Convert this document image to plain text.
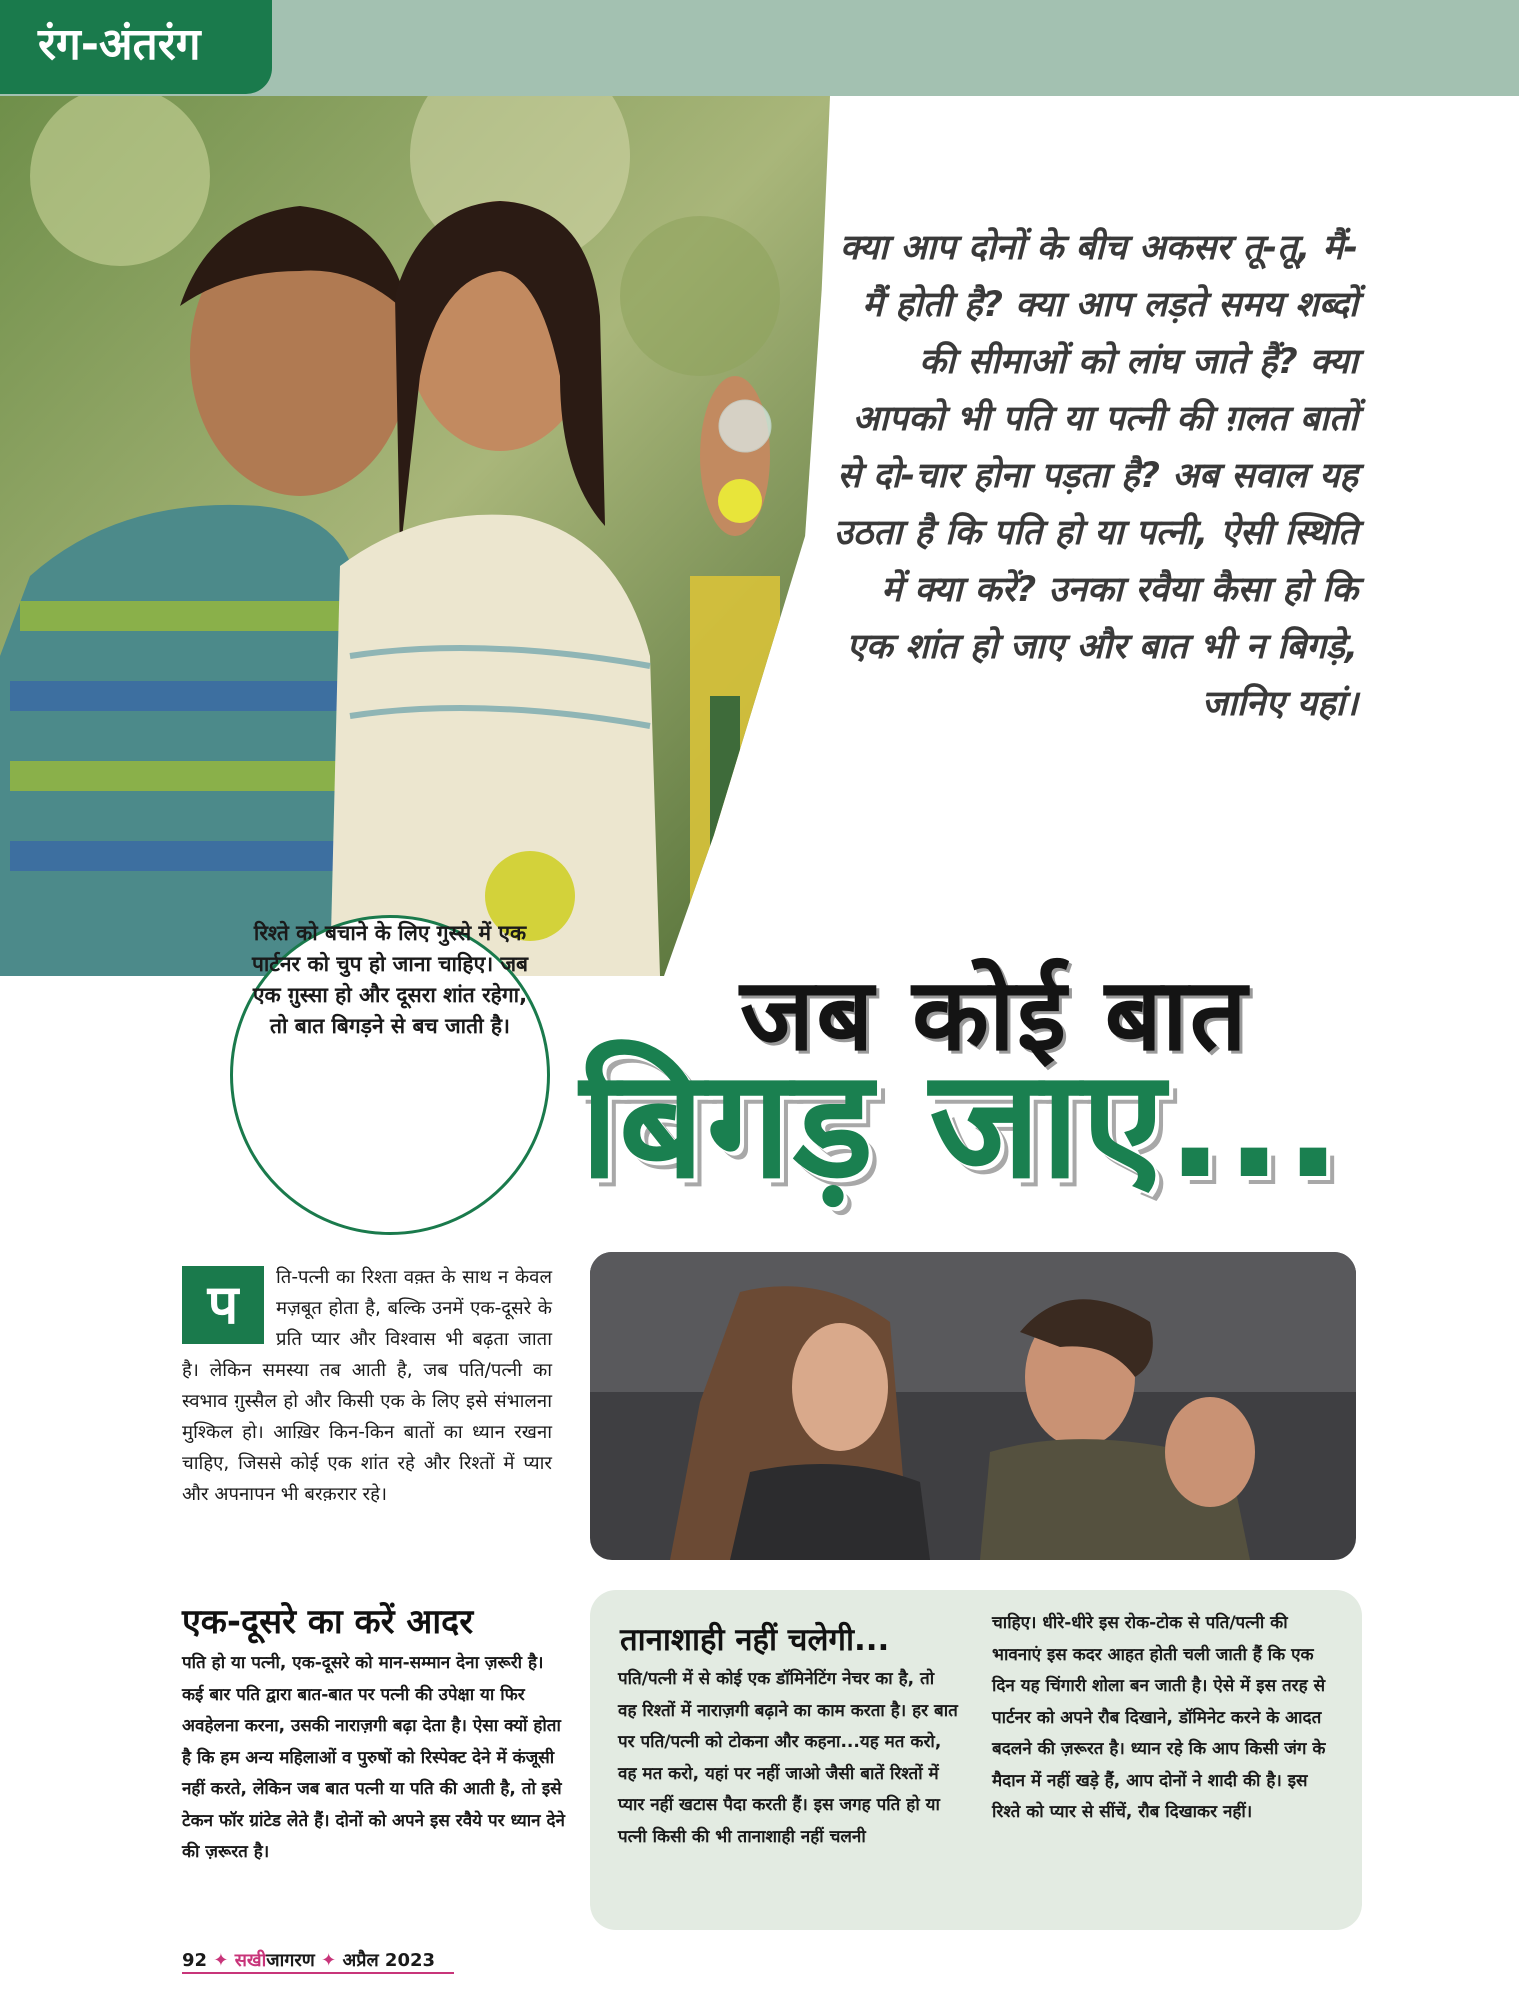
रंग-अंतरंग
क्या आप दोनों के बीच अकसर तू-तू, मैं-मैं होती है? क्या आप लड़ते समय शब्दों की सीमाओं को लांघ जाते हैं? क्या आपको भी पति या पत्नी की ग़लत बातों से दो-चार होना पड़ता है? अब सवाल यह उठता है कि पति हो या पत्नी, ऐसी स्थिति में क्या करें? उनका रवैया कैसा हो कि एक शांत हो जाए और बात भी न बिगड़े, जानिए यहां।
रिश्ते को बचाने के लिए गुस्से में एक पार्टनर को चुप हो जाना चाहिए। जब एक ग़ुस्सा हो और दूसरा शांत रहेगा, तो बात बिगड़ने से बच जाती है। जब कोई बात
बिगड़ जाए...
प	ति-पत्नी का रिश्ता वक़्त के साथ न केवल मज़बूत होता है, बल्कि उनमें एक-दूसरे के प्रति प्यार और विश्वास भी बढ़ता जाता है। लेकिन समस्या तब आती है, जब पति/पत्नी का स्वभाव ग़ुस्सैल हो और किसी एक के लिए इसे संभालना मुश्किल हो। आख़िर किन-किन बातों का ध्यान रखना चाहिए, जिससे कोई एक शांत रहे और रिश्तों में प्यार और अपनापन भी बरक़रार रहे।
एक-दूसरे का करें आदर
पति हो या पत्नी, एक-दूसरे को मान-सम्मान देना ज़रूरी है। कई बार पति द्वारा बात-बात पर पत्नी की उपेक्षा या फिर अवहेलना करना, उसकी नाराज़गी बढ़ा देता है। ऐसा क्यों होता है कि हम अन्य महिलाओं व पुरुषों को रिस्पेक्ट देने में कंजूसी नहीं करते, लेकिन जब बात पत्नी या पति की आती है, तो इसे टेकन फॉर ग्रांटेड लेते हैं। दोनों को अपने इस रवैये पर ध्यान देने की ज़रूरत है।
तानाशाही नहीं चलेगी...
पति/पत्नी में से कोई एक डॉमिनेटिंग नेचर का है, तो वह रिश्तों में नाराज़गी बढ़ाने का काम करता है। हर बात पर पति/पत्नी को टोकना और कहना...यह मत करो, वह मत करो, यहां पर नहीं जाओ जैसी बातें रिश्तों में प्यार नहीं खटास पैदा करती हैं। इस जगह पति हो या पत्नी किसी की भी तानाशाही नहीं चलनी
चाहिए। धीरे-धीरे इस रोक-टोक से पति/पत्नी की भावनाएं इस कदर आहत होती चली जाती हैं कि एक दिन यह चिंगारी शोला बन जाती है। ऐसे में इस तरह से पार्टनर को अपने रौब दिखाने, डॉमिनेट करने के आदत बदलने की ज़रूरत है। ध्यान रहे कि आप किसी जंग के मैदान में नहीं खड़े हैं, आप दोनों ने शादी की है। इस रिश्ते को प्यार से सींचें, रौब दिखाकर नहीं।
92 ✦ सखीजागरण ✦ अप्रैल 2023
